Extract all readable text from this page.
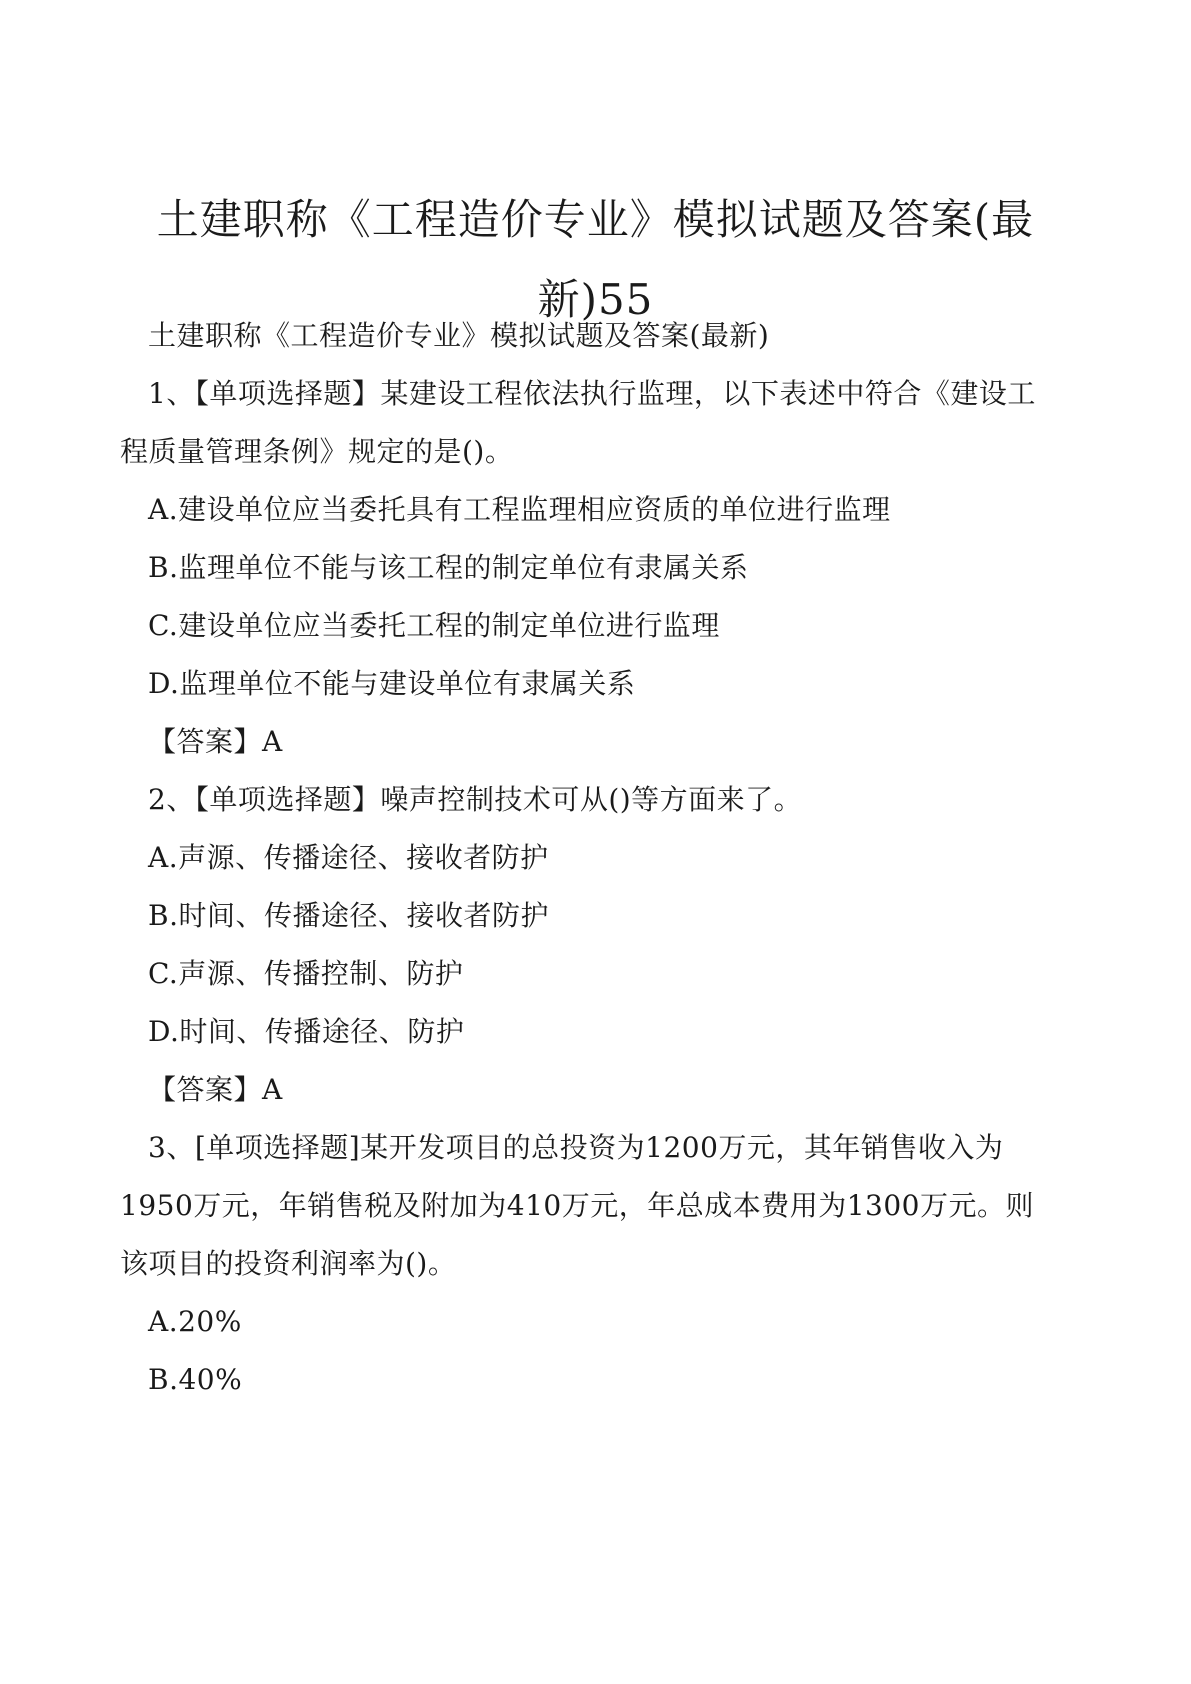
土建职称《工程造价专业》模拟试题及答案(最
新)55
土建职称《工程造价专业》模拟试题及答案(最新)
1、【单项选择题】某建设工程依法执行监理，以下表述中符合《建设工
程质量管理条例》规定的是()。
A.建设单位应当委托具有工程监理相应资质的单位进行监理
B.监理单位不能与该工程的制定单位有隶属关系
C.建设单位应当委托工程的制定单位进行监理
D.监理单位不能与建设单位有隶属关系
【答案】A
2、【单项选择题】噪声控制技术可从()等方面来了。
A.声源、传播途径、接收者防护
B.时间、传播途径、接收者防护
C.声源、传播控制、防护
D.时间、传播途径、防护
【答案】A
3、[单项选择题]某开发项目的总投资为1200万元，其年销售收入为
1950万元，年销售税及附加为410万元，年总成本费用为1300万元。则
该项目的投资利润率为()。
A.20%
B.40%
